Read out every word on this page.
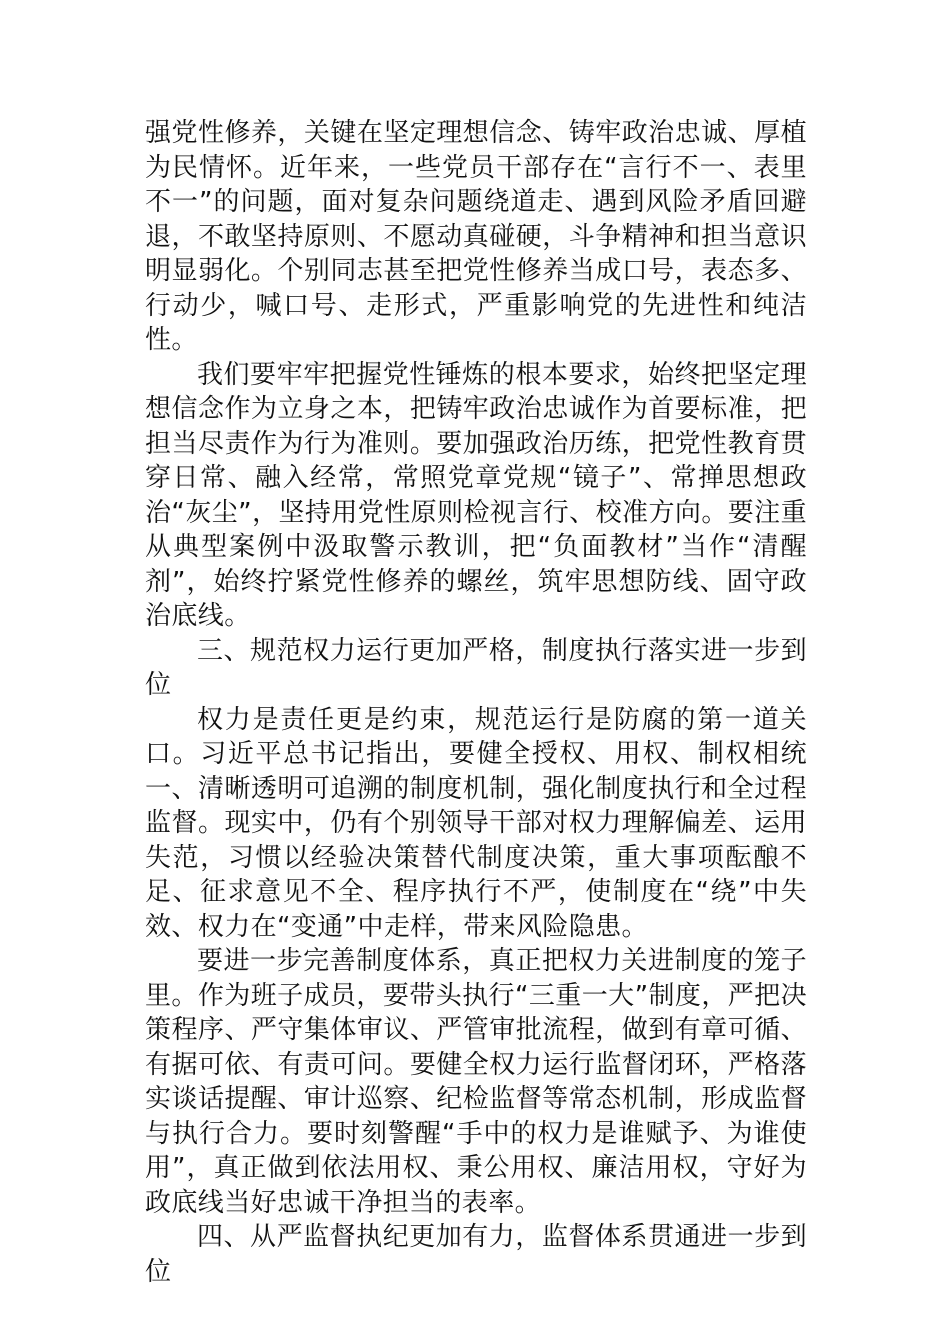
强党性修养，关键在坚定理想信念、铸牢政治忠诚、厚植为民情怀。近年来，一些党员干部存在“言行不一、表里不一”的问题，面对复杂问题绕道走、遇到风险矛盾回避退，不敢坚持原则、不愿动真碰硬，斗争精神和担当意识明显弱化。个别同志甚至把党性修养当成口号，表态多、行动少，喊口号、走形式，严重影响党的先进性和纯洁性。

我们要牢牢把握党性锤炼的根本要求，始终把坚定理想信念作为立身之本，把铸牢政治忠诚作为首要标准，把担当尽责作为行为准则。要加强政治历练，把党性教育贯穿日常、融入经常，常照党章党规“镜子”、常掸思想政治“灰尘”，坚持用党性原则检视言行、校准方向。要注重从典型案例中汲取警示教训，把“负面教材”当作“清醒剂”，始终拧紧党性修养的螺丝，筑牢思想防线、固守政治底线。

三、规范权力运行更加严格，制度执行落实进一步到位

权力是责任更是约束，规范运行是防腐的第一道关口。习近平总书记指出，要健全授权、用权、制权相统一、清晰透明可追溯的制度机制，强化制度执行和全过程监督。现实中，仍有个别领导干部对权力理解偏差、运用失范，习惯以经验决策替代制度决策，重大事项酝酿不足、征求意见不全、程序执行不严，使制度在“绕”中失效、权力在“变通”中走样，带来风险隐患。

要进一步完善制度体系，真正把权力关进制度的笼子里。作为班子成员，要带头执行“三重一大”制度，严把决策程序、严守集体审议、严管审批流程，做到有章可循、有据可依、有责可问。要健全权力运行监督闭环，严格落实谈话提醒、审计巡察、纪检监督等常态机制，形成监督与执行合力。要时刻警醒“手中的权力是谁赋予、为谁使用”，真正做到依法用权、秉公用权、廉洁用权，守好为政底线当好忠诚干净担当的表率。

四、从严监督执纪更加有力，监督体系贯通进一步到位
